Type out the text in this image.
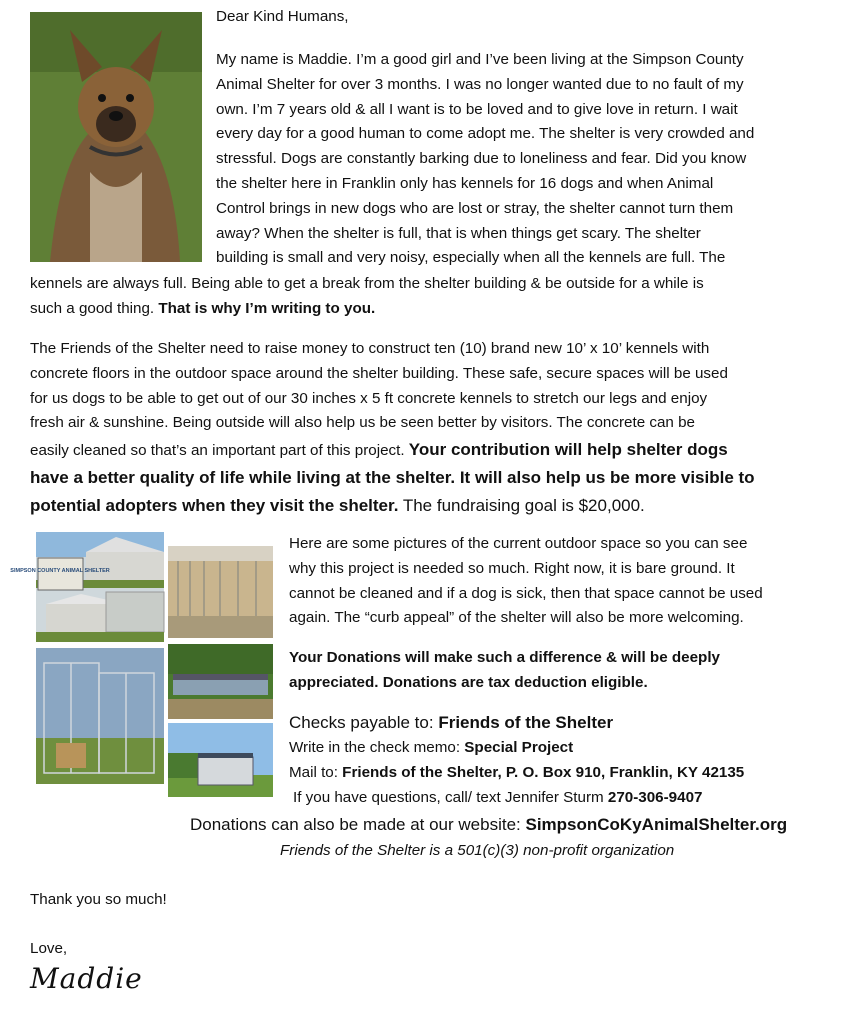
Dear Kind Humans,
My name is Maddie. I’m a good girl and I’ve been living at the Simpson County
Animal Shelter for over 3 months. I was no longer wanted due to no fault of my
own. I’m 7 years old & all I want is to be loved and to give love in return. I wait
every day for a good human to come adopt me. The shelter is very crowded and
stressful. Dogs are constantly barking due to loneliness and fear. Did you know
the shelter here in Franklin only has kennels for 16 dogs and when Animal
Control brings in new dogs who are lost or stray, the shelter cannot turn them
away? When the shelter is full, that is when things get scary. The shelter
building is small and very noisy, especially when all the kennels are full. The
kennels are always full. Being able to get a break from the shelter building & be outside for a while is
such a good thing. That is why I’m writing to you.
The Friends of the Shelter need to raise money to construct ten (10) brand new 10’ x 10’ kennels with
concrete floors in the outdoor space around the shelter building. These safe, secure spaces will be used
for us dogs to be able to get out of our 30 inches x 5 ft concrete kennels to stretch our legs and enjoy
fresh air & sunshine. Being outside will also help us be seen better by visitors. The concrete can be
easily cleaned so that’s an important part of this project. Your contribution will help shelter dogs
have a better quality of life while living at the shelter. It will also help us be more visible to
potential adopters when they visit the shelter. The fundraising goal is $20,000.
SIMPSON COUNTY ANIMAL SHELTER
Here are some pictures of the current outdoor space so you can see
why this project is needed so much. Right now, it is bare ground. It
cannot be cleaned and if a dog is sick, then that space cannot be used
again. The “curb appeal” of the shelter will also be more welcoming.
Your Donations will make such a difference & will be deeply
appreciated. Donations are tax deduction eligible.
Checks payable to: Friends of the Shelter
Write in the check memo: Special Project
Mail to: Friends of the Shelter, P. O. Box 910, Franklin, KY 42135
If you have questions, call/ text Jennifer Sturm 270-306-9407
Donations can also be made at our website: SimpsonCoKyAnimalShelter.org
Friends of the Shelter is a 501(c)(3) non-profit organization
Thank you so much!
Love,
Maddie
